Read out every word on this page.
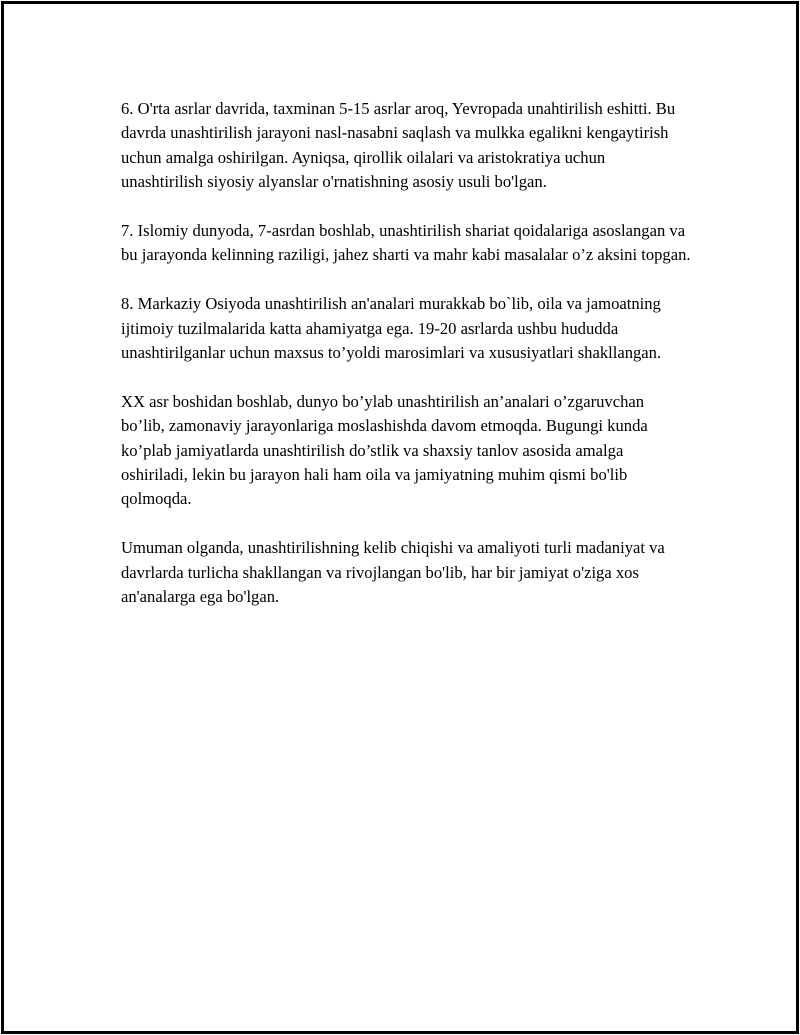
6. O'rta asrlar davrida, taxminan 5-15 asrlar aroq, Yevropada unahtirilish eshitti. Bu davrda unashtirilish jarayoni nasl-nasabni saqlash va mulkka egalikni kengaytirish uchun amalga oshirilgan. Ayniqsa, qirollik oilalari va aristokratiya uchun unashtirilish siyosiy alyanslar o'rnatishning asosiy usuli bo'lgan.

7. Islomiy dunyoda, 7-asrdan boshlab, unashtirilish shariat qoidalariga asoslangan va bu jarayonda kelinning raziligi, jahez sharti va mahr kabi masalalar o’z aksini topgan.

8. Markaziy Osiyoda unashtirilish an'analari murakkab bo`lib, oila va jamoatning ijtimoiy tuzilmalarida katta ahamiyatga ega. 19-20 asrlarda ushbu hududda unashtirilganlar uchun maxsus to’yoldi marosimlari va xususiyatlari shakllangan.

XX asr boshidan boshlab, dunyo bo’ylab unashtirilish an’analari o’zgaruvchan bo’lib, zamonaviy jarayonlariga moslashishda davom etmoqda. Bugungi kunda ko’plab jamiyatlarda unashtirilish do’stlik va shaxsiy tanlov asosida amalga oshiriladi, lekin bu jarayon hali ham oila va jamiyatning muhim qismi bo'lib qolmoqda.

Umuman olganda, unashtirilishning kelib chiqishi va amaliyoti turli madaniyat va davrlarda turlicha shakllangan va rivojlangan bo'lib, har bir jamiyat o'ziga xos an'analarga ega bo'lgan.
